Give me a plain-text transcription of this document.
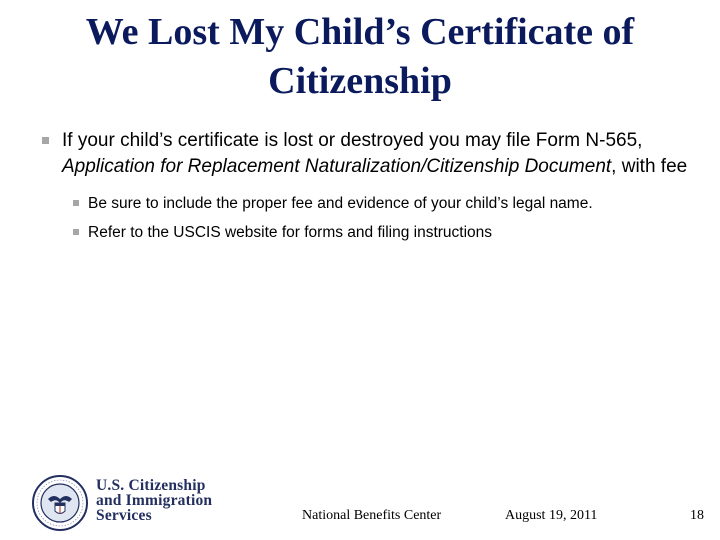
We Lost My Child’s Certificate of Citizenship
If your child’s certificate is lost or destroyed you may file Form N-565, Application for Replacement Naturalization/Citizenship Document, with fee
Be sure to include the proper fee and evidence of your child’s legal name.
Refer to the USCIS website for forms and filing instructions
U.S. Citizenship
and Immigration
Services	National Benefits Center	August 19, 2011	18
